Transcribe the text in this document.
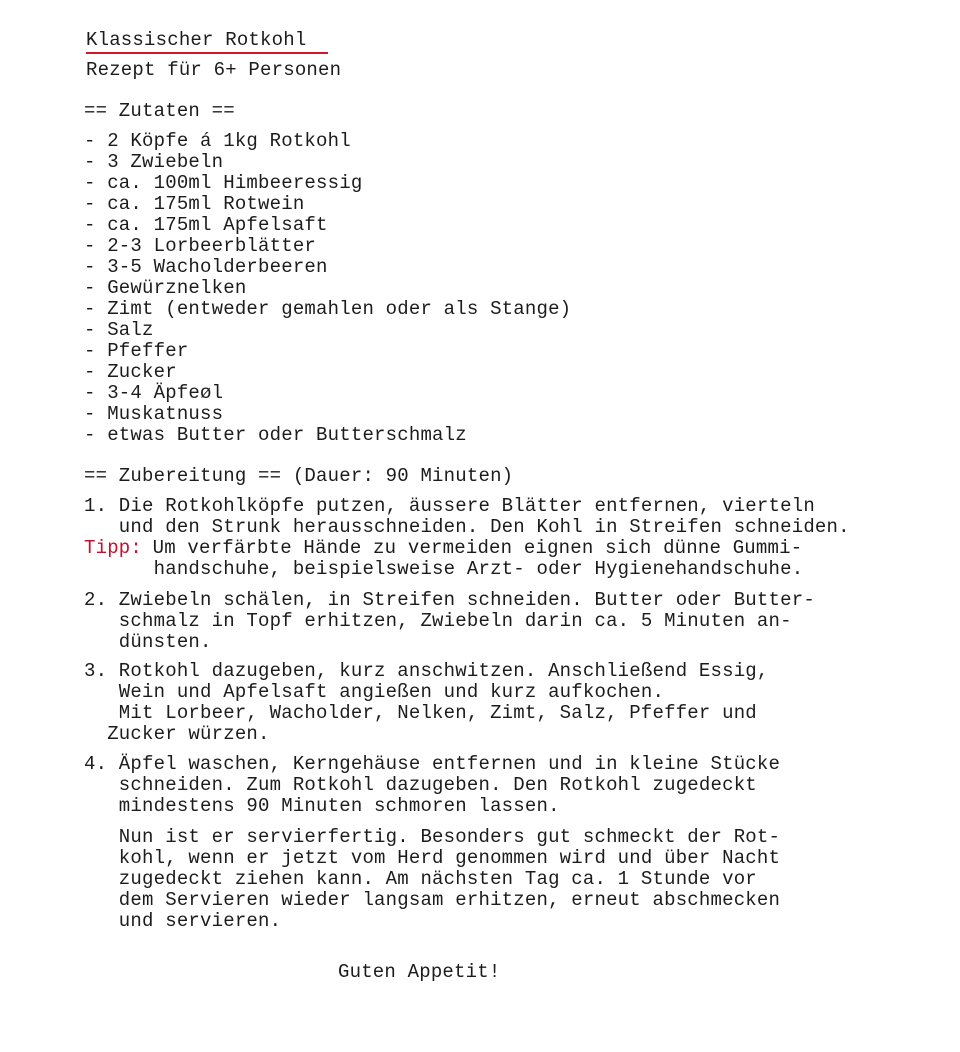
Klassischer Rotkohl
Rezept für 6+ Personen
== Zutaten ==
- 2 Köpfe á 1kg Rotkohl
- 3 Zwiebeln
- ca. 100ml Himbeeressig
- ca. 175ml Rotwein
- ca. 175ml Apfelsaft
- 2-3 Lorbeerblätter
- 3-5 Wacholderbeeren
- Gewürznelken
- Zimt (entweder gemahlen oder als Stange)
- Salz
- Pfeffer
- Zucker
- 3-4 Äpfeøl
- Muskatnuss
- etwas Butter oder Butterschmalz
== Zubereitung == (Dauer: 90 Minuten)
1. Die Rotkohlköpfe putzen, äussere Blätter entfernen, vierteln
und den Strunk herausschneiden. Den Kohl in Streifen schneiden.
Tipp:
Um verfärbte Hände zu vermeiden eignen sich dünne Gummi-
handschuhe, beispielsweise Arzt- oder Hygienehandschuhe.
2. Zwiebeln schälen, in Streifen schneiden. Butter oder Butter-
schmalz in Topf erhitzen, Zwiebeln darin ca. 5 Minuten an-
dünsten.
3. Rotkohl dazugeben, kurz anschwitzen. Anschließend Essig,
Wein und Apfelsaft angießen und kurz aufkochen.
Mit Lorbeer, Wacholder, Nelken, Zimt, Salz, Pfeffer und
Zucker würzen.
4. Äpfel waschen, Kerngehäuse entfernen und in kleine Stücke
schneiden. Zum Rotkohl dazugeben. Den Rotkohl zugedeckt
mindestens 90 Minuten schmoren lassen.
Nun ist er servierfertig. Besonders gut schmeckt der Rot-
kohl, wenn er jetzt vom Herd genommen wird und über Nacht
zugedeckt ziehen kann. Am nächsten Tag ca. 1 Stunde vor
dem Servieren wieder langsam erhitzen, erneut abschmecken
und servieren.
Guten Appetit!
